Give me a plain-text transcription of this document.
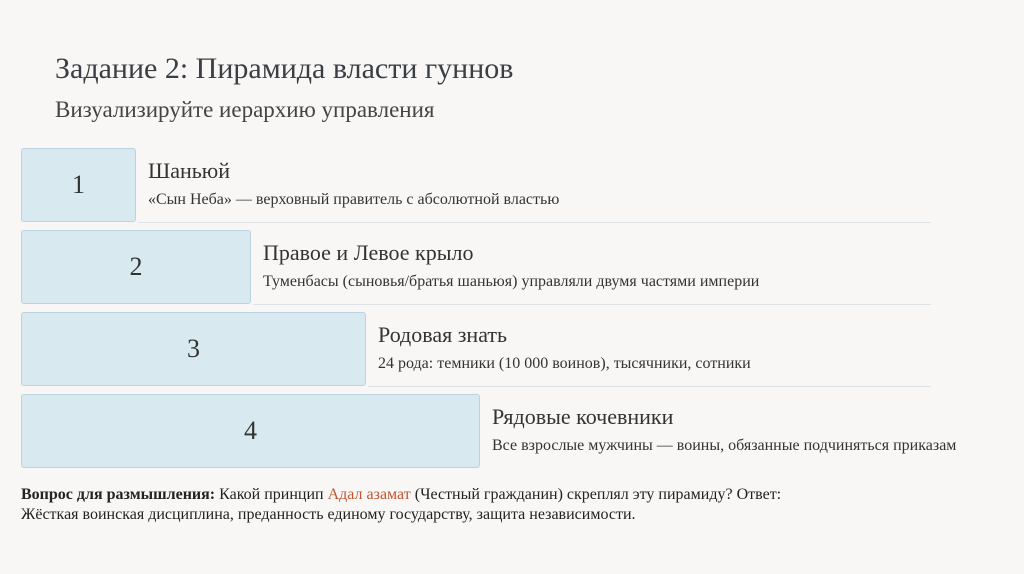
Задание 2: Пирамида власти гуннов
Визуализируйте иерархию управления
1	Шаньюй
«Сын Неба» — верховный правитель с абсолютной властью
2	Правое и Левое крыло
Туменбасы (сыновья/братья шаньюя) управляли двумя частями империи
3	Родовая знать
24 рода: темники (10 000 воинов), тысячники, сотники
4	Рядовые кочевники
Все взрослые мужчины — воины, обязанные подчиняться приказам
Вопрос для размышления: Какой принцип Адал азамат (Честный гражданин) скреплял эту пирамиду? Ответ:
Жёсткая воинская дисциплина, преданность единому государству, защита независимости.
